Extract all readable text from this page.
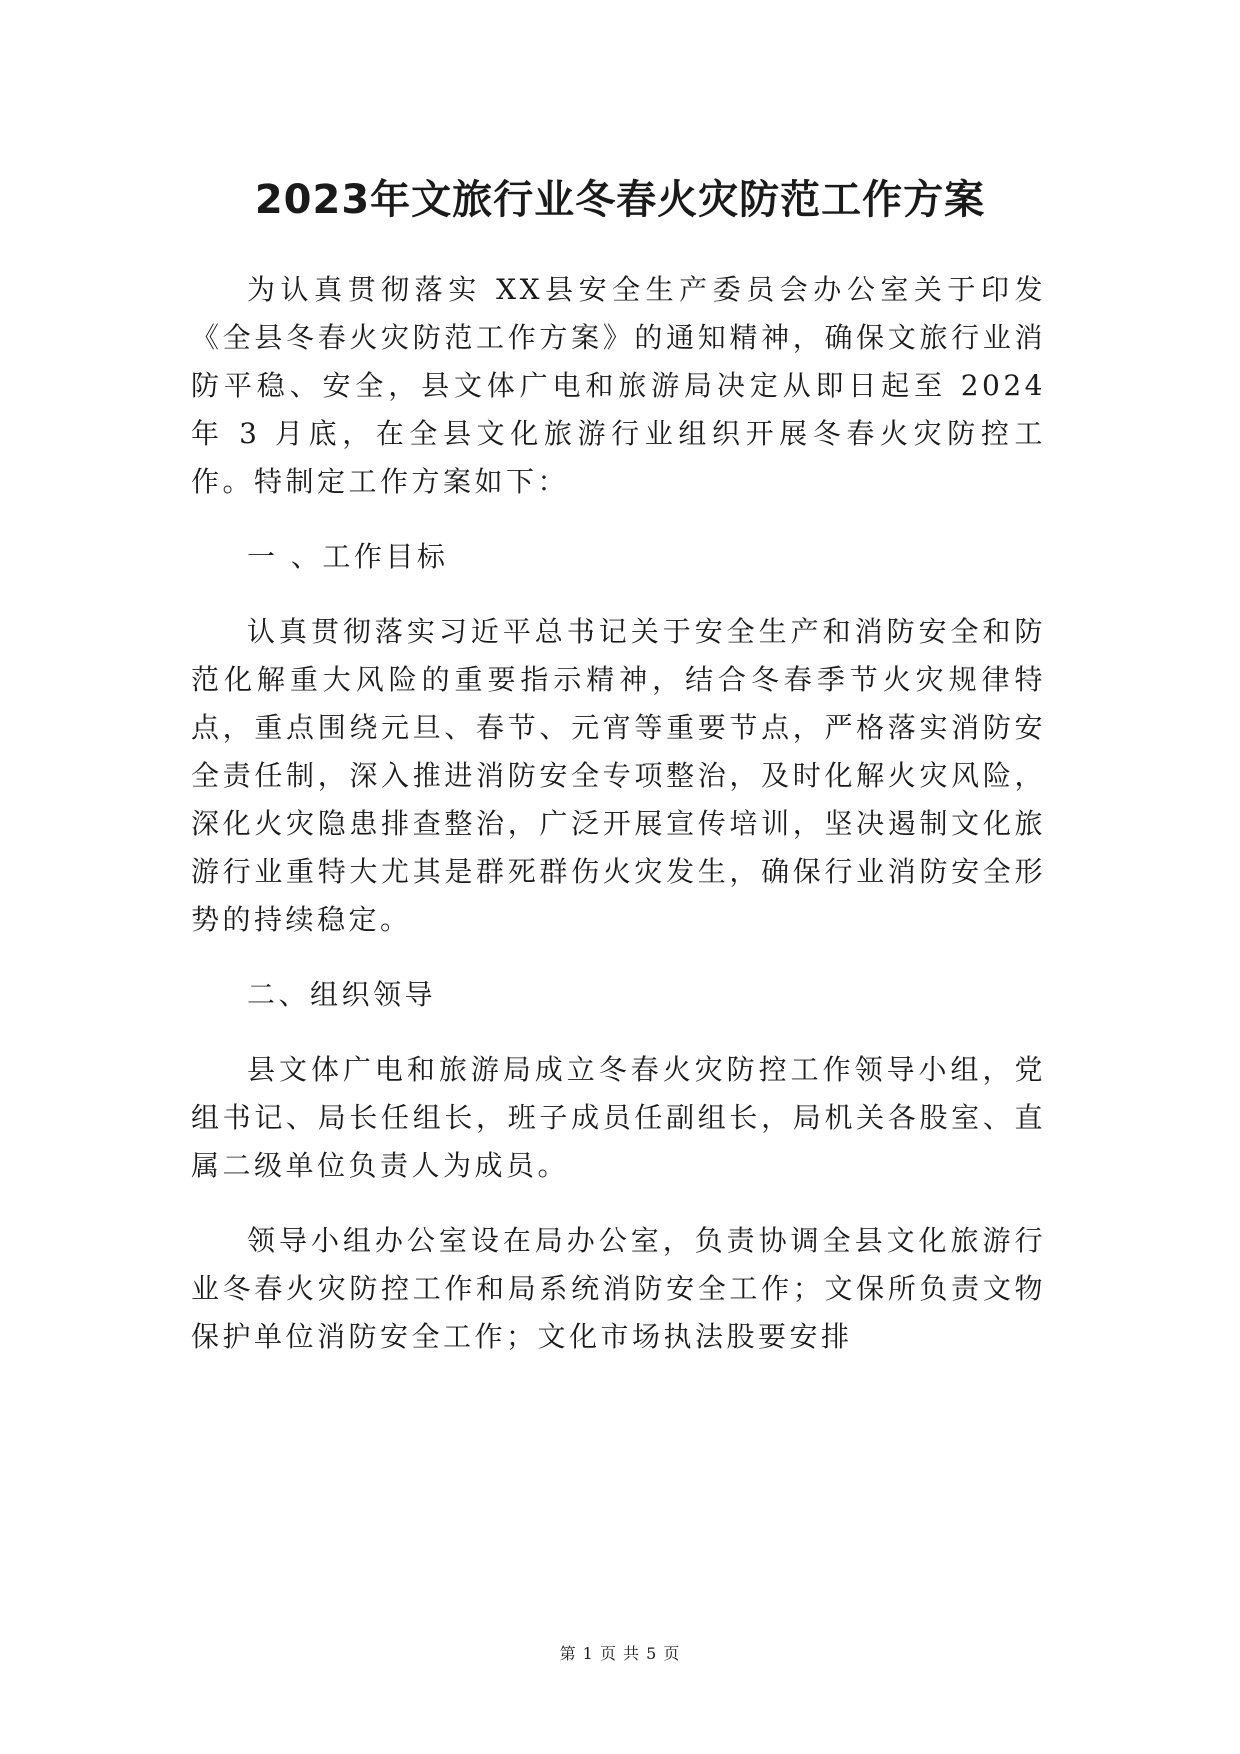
2023年文旅行业冬春火灾防范工作方案

为认真贯彻落实 XX县安全生产委员会办公室关于印发《全县冬春火灾防范工作方案》的通知精神，确保文旅行业消防平稳、安全，县文体广电和旅游局决定从即日起至 2024 年 3 月底，在全县文化旅游行业组织开展冬春火灾防控工作。特制定工作方案如下：

一 、工作目标

认真贯彻落实习近平总书记关于安全生产和消防安全和防范化解重大风险的重要指示精神，结合冬春季节火灾规律特点，重点围绕元旦、春节、元宵等重要节点，严格落实消防安全责任制，深入推进消防安全专项整治，及时化解火灾风险，深化火灾隐患排查整治，广泛开展宣传培训，坚决遏制文化旅游行业重特大尤其是群死群伤火灾发生，确保行业消防安全形势的持续稳定。

二、组织领导

县文体广电和旅游局成立冬春火灾防控工作领导小组，党组书记、局长任组长，班子成员任副组长，局机关各股室、直属二级单位负责人为成员。

领导小组办公室设在局办公室，负责协调全县文化旅游行业冬春火灾防控工作和局系统消防安全工作；文保所负责文物保护单位消防安全工作；文化市场执法股要安排

第 1 页 共 5 页
